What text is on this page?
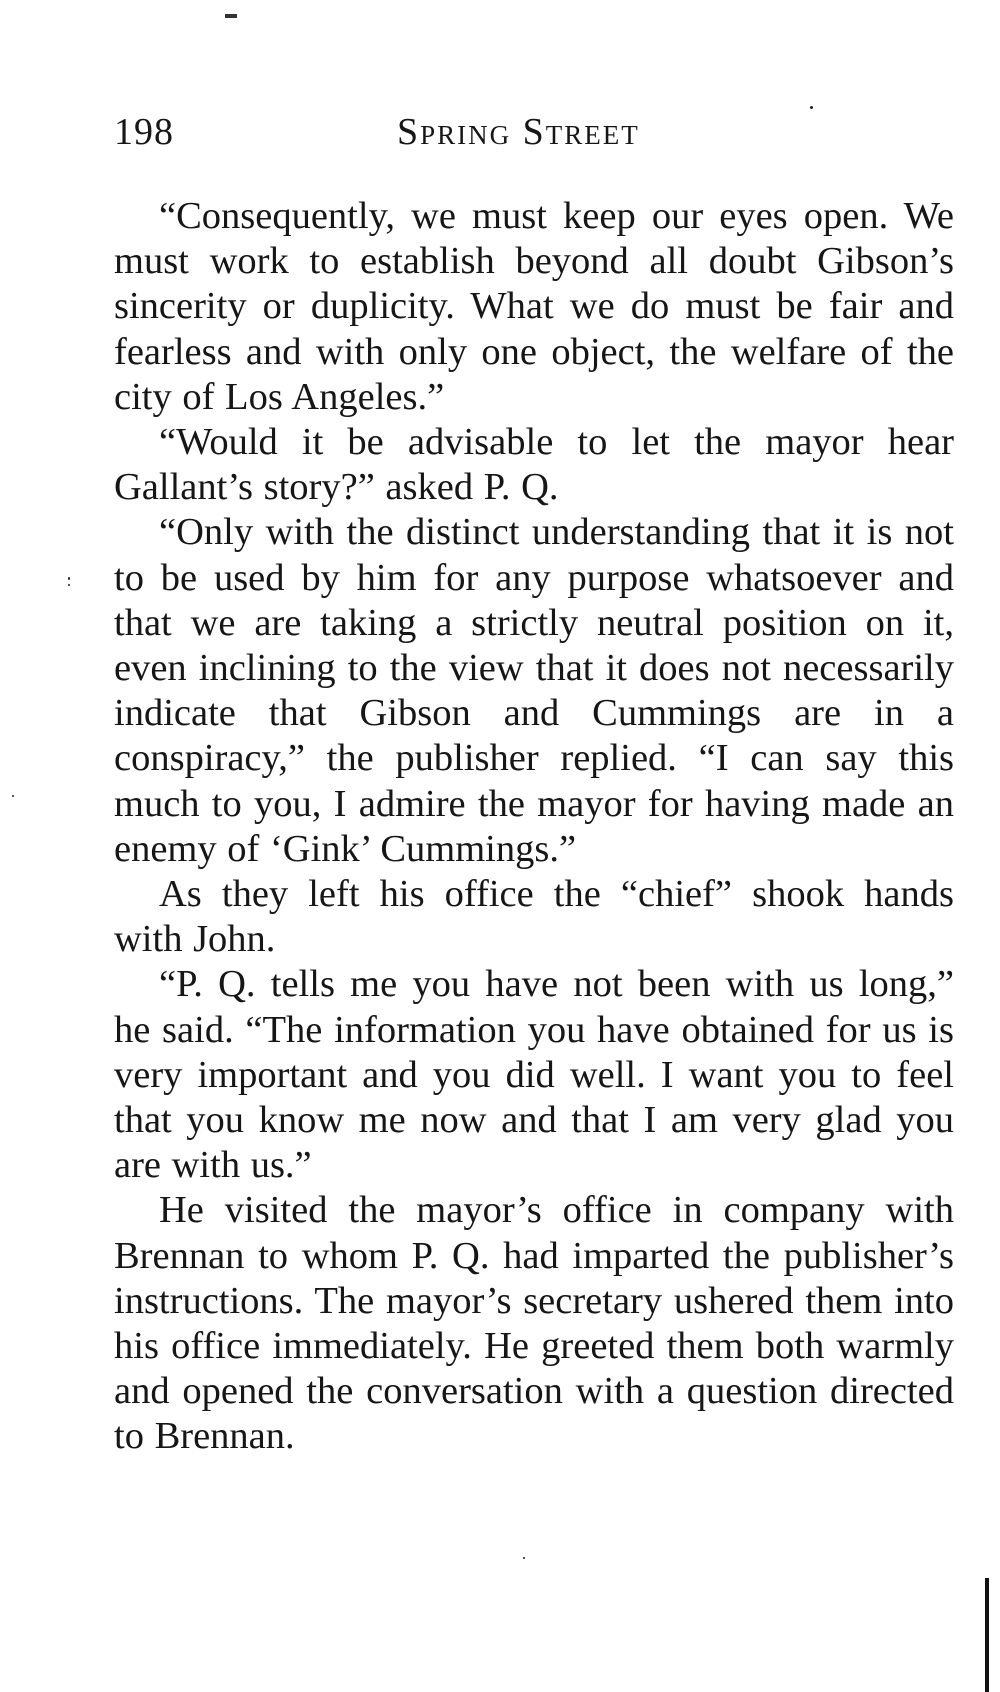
198	Spring Street

“Consequently, we must keep our eyes open. We must work to establish beyond all doubt Gibson’s sincerity or duplicity. What we do must be fair and fearless and with only one object, the welfare of the city of Los Angeles.”

“Would it be advisable to let the mayor hear Gallant’s story?” asked P. Q.

“Only with the distinct understanding that it is not to be used by him for any purpose whatsoever and that we are taking a strictly neutral position on it, even inclining to the view that it does not necessarily indicate that Gibson and Cummings are in a conspiracy,” the publisher replied. “I can say this much to you, I admire the mayor for having made an enemy of ‘Gink’ Cummings.”

As they left his office the “chief” shook hands with John.

“P. Q. tells me you have not been with us long,” he said. “The information you have obtained for us is very important and you did well. I want you to feel that you know me now and that I am very glad you are with us.”

He visited the mayor’s office in company with Brennan to whom P. Q. had imparted the publisher’s instructions. The mayor’s secretary ushered them into his office immediately. He greeted them both warmly and opened the conversation with a question directed to Brennan.
